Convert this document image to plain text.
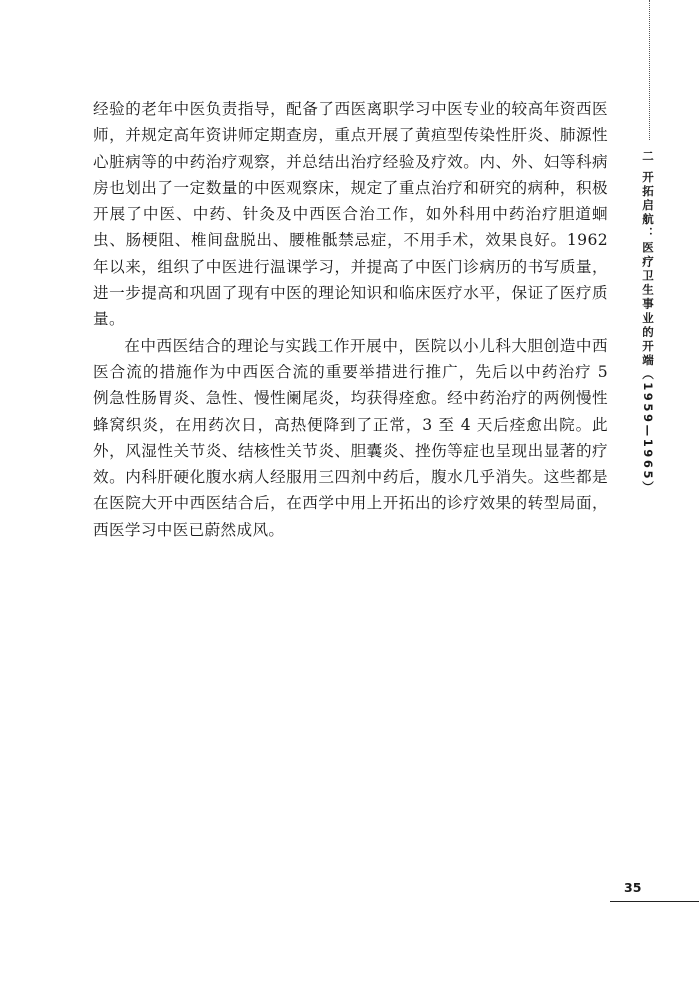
经验的老年中医负责指导，配备了西医离职学习中医专业的较高年资西医师，并规定高年资讲师定期查房，重点开展了黄疸型传染性肝炎、肺源性心脏病等的中药治疗观察，并总结出治疗经验及疗效。内、外、妇等科病房也划出了一定数量的中医观察床，规定了重点治疗和研究的病种，积极开展了中医、中药、针灸及中西医合治工作，如外科用中药治疗胆道蛔虫、肠梗阻、椎间盘脱出、腰椎骶禁忌症，不用手术，效果良好。1962 年以来，组织了中医进行温课学习，并提高了中医门诊病历的书写质量，进一步提高和巩固了现有中医的理论知识和临床医疗水平，保证了医疗质量。

在中西医结合的理论与实践工作开展中，医院以小儿科大胆创造中西医合流的措施作为中西医合流的重要举措进行推广，先后以中药治疗 5 例急性肠胃炎、急性、慢性阑尾炎，均获得痊愈。经中药治疗的两例慢性蜂窝织炎，在用药次日，高热便降到了正常，3 至 4 天后痊愈出院。此外，风湿性关节炎、结核性关节炎、胆囊炎、挫伤等症也呈现出显著的疗效。内科肝硬化腹水病人经服用三四剂中药后，腹水几乎消失。这些都是在医院大开中西医结合后，在西学中用上开拓出的诊疗效果的转型局面，西医学习中医已蔚然成风。

二 开拓启航：医疗卫生事业的开端（1959—1965）
35
